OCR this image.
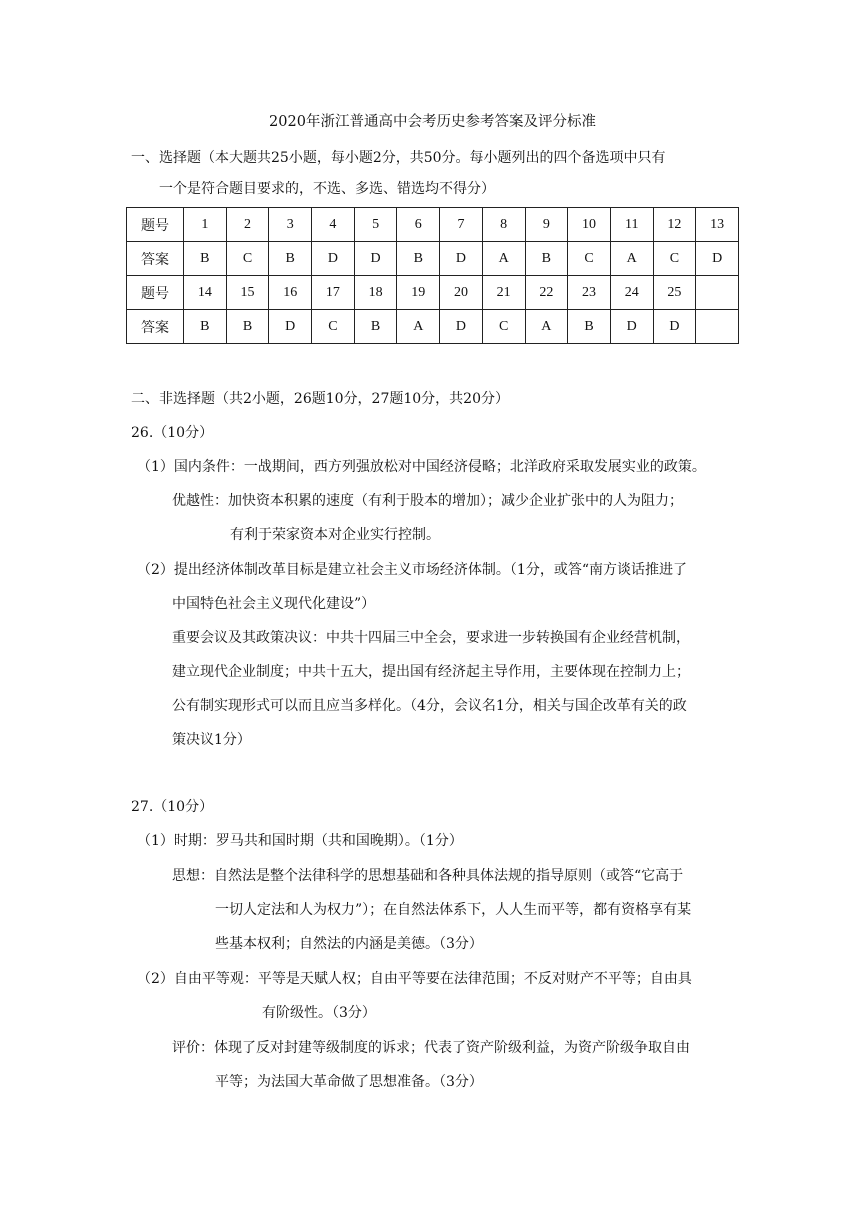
2020年浙江普通高中会考历史参考答案及评分标准
一、选择题（本大题共25小题，每小题2分，共50分。每小题列出的四个备选项中只有
一个是符合题目要求的，不选、多选、错选均不得分）
题号	1	2	3	4	5	6	7	8	9	10	11	12	13
答案	B	C	B	D	D	B	D	A	B	C	A	C	D
题号	14	15	16	17	18	19	20	21	22	23	24	25	
答案	B	B	D	C	B	A	D	C	A	B	D	D	
二、非选择题（共2小题，26题10分，27题10分，共20分）
26.（10分）
（1）国内条件：一战期间，西方列强放松对中国经济侵略；北洋政府采取发展实业的政策。
优越性：加快资本积累的速度（有利于股本的增加）；减少企业扩张中的人为阻力；
有利于荣家资本对企业实行控制。
（2）提出经济体制改革目标是建立社会主义市场经济体制。（1分，或答“南方谈话推进了
中国特色社会主义现代化建设”）
重要会议及其政策决议：中共十四届三中全会，要求进一步转换国有企业经营机制，
建立现代企业制度；中共十五大，提出国有经济起主导作用，主要体现在控制力上；
公有制实现形式可以而且应当多样化。（4分，会议名1分，相关与国企改革有关的政
策决议1分）
27.（10分）
（1）时期：罗马共和国时期（共和国晚期）。（1分）
思想：自然法是整个法律科学的思想基础和各种具体法规的指导原则（或答“它高于
一切人定法和人为权力”）；在自然法体系下，人人生而平等，都有资格享有某
些基本权利；自然法的内涵是美德。（3分）
（2）自由平等观：平等是天赋人权；自由平等要在法律范围；不反对财产不平等；自由具
有阶级性。（3分）
评价：体现了反对封建等级制度的诉求；代表了资产阶级利益，为资产阶级争取自由
平等；为法国大革命做了思想准备。（3分）
